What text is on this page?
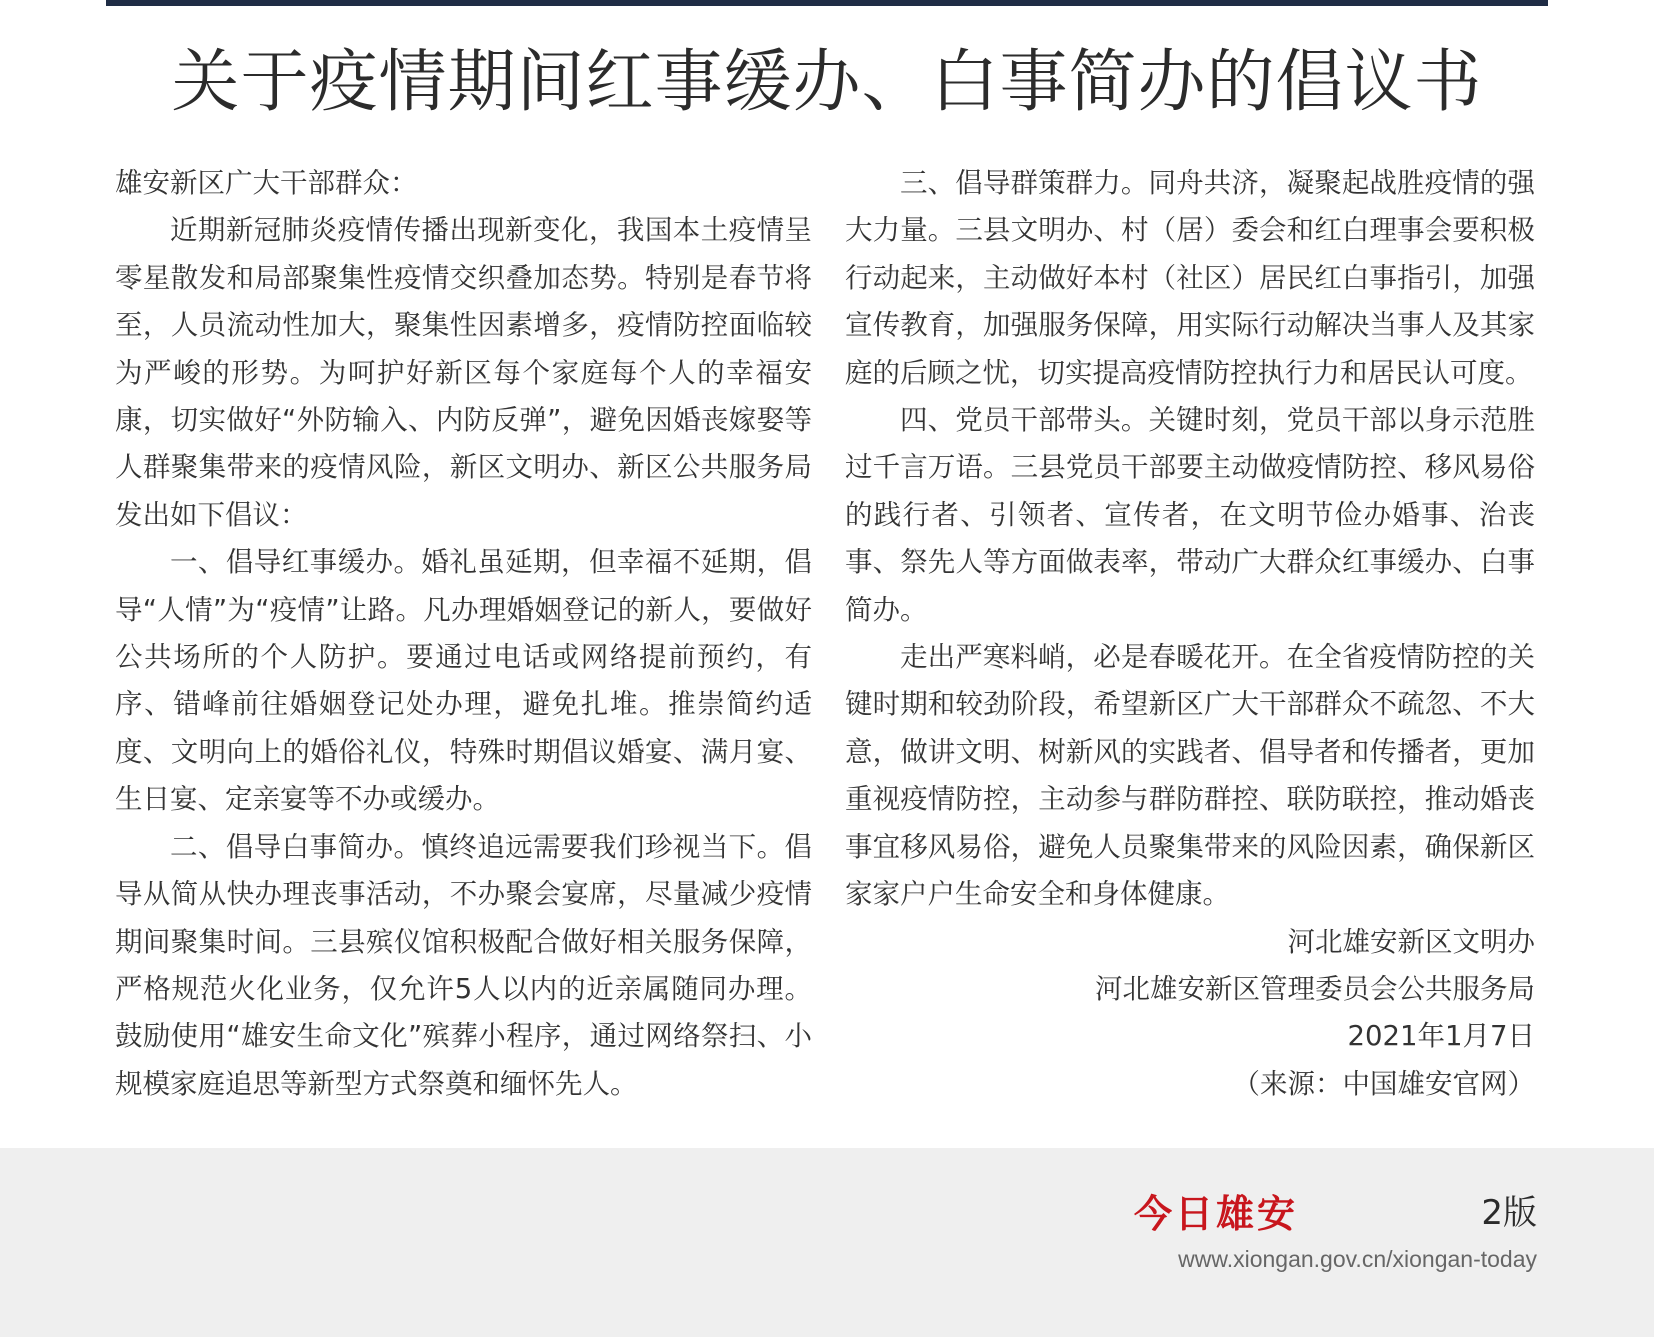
关于疫情期间红事缓办、白事简办的倡议书

雄安新区广大干部群众：

近期新冠肺炎疫情传播出现新变化，我国本土疫情呈零星散发和局部聚集性疫情交织叠加态势。特别是春节将至，人员流动性加大，聚集性因素增多，疫情防控面临较为严峻的形势。为呵护好新区每个家庭每个人的幸福安康，切实做好“外防输入、内防反弹”，避免因婚丧嫁娶等人群聚集带来的疫情风险，新区文明办、新区公共服务局发出如下倡议：

一、倡导红事缓办。婚礼虽延期，但幸福不延期，倡导“人情”为“疫情”让路。凡办理婚姻登记的新人，要做好公共场所的个人防护。要通过电话或网络提前预约，有序、错峰前往婚姻登记处办理，避免扎堆。推崇简约适度、文明向上的婚俗礼仪，特殊时期倡议婚宴、满月宴、生日宴、定亲宴等不办或缓办。

二、倡导白事简办。慎终追远需要我们珍视当下。倡导从简从快办理丧事活动，不办聚会宴席，尽量减少疫情期间聚集时间。三县殡仪馆积极配合做好相关服务保障，严格规范火化业务，仅允许5人以内的近亲属随同办理。鼓励使用“雄安生命文化”殡葬小程序，通过网络祭扫、小规模家庭追思等新型方式祭奠和缅怀先人。

三、倡导群策群力。同舟共济，凝聚起战胜疫情的强大力量。三县文明办、村（居）委会和红白理事会要积极行动起来，主动做好本村（社区）居民红白事指引，加强宣传教育，加强服务保障，用实际行动解决当事人及其家庭的后顾之忧，切实提高疫情防控执行力和居民认可度。

四、党员干部带头。关键时刻，党员干部以身示范胜过千言万语。三县党员干部要主动做疫情防控、移风易俗的践行者、引领者、宣传者，在文明节俭办婚事、治丧事、祭先人等方面做表率，带动广大群众红事缓办、白事简办。

走出严寒料峭，必是春暖花开。在全省疫情防控的关键时期和较劲阶段，希望新区广大干部群众不疏忽、不大意，做讲文明、树新风的实践者、倡导者和传播者，更加重视疫情防控，主动参与群防群控、联防联控，推动婚丧事宜移风易俗，避免人员聚集带来的风险因素，确保新区家家户户生命安全和身体健康。

河北雄安新区文明办

河北雄安新区管理委员会公共服务局

2021年1月7日

（来源：中国雄安官网）

今日雄安	2版
www.xiongan.gov.cn/xiongan-today
